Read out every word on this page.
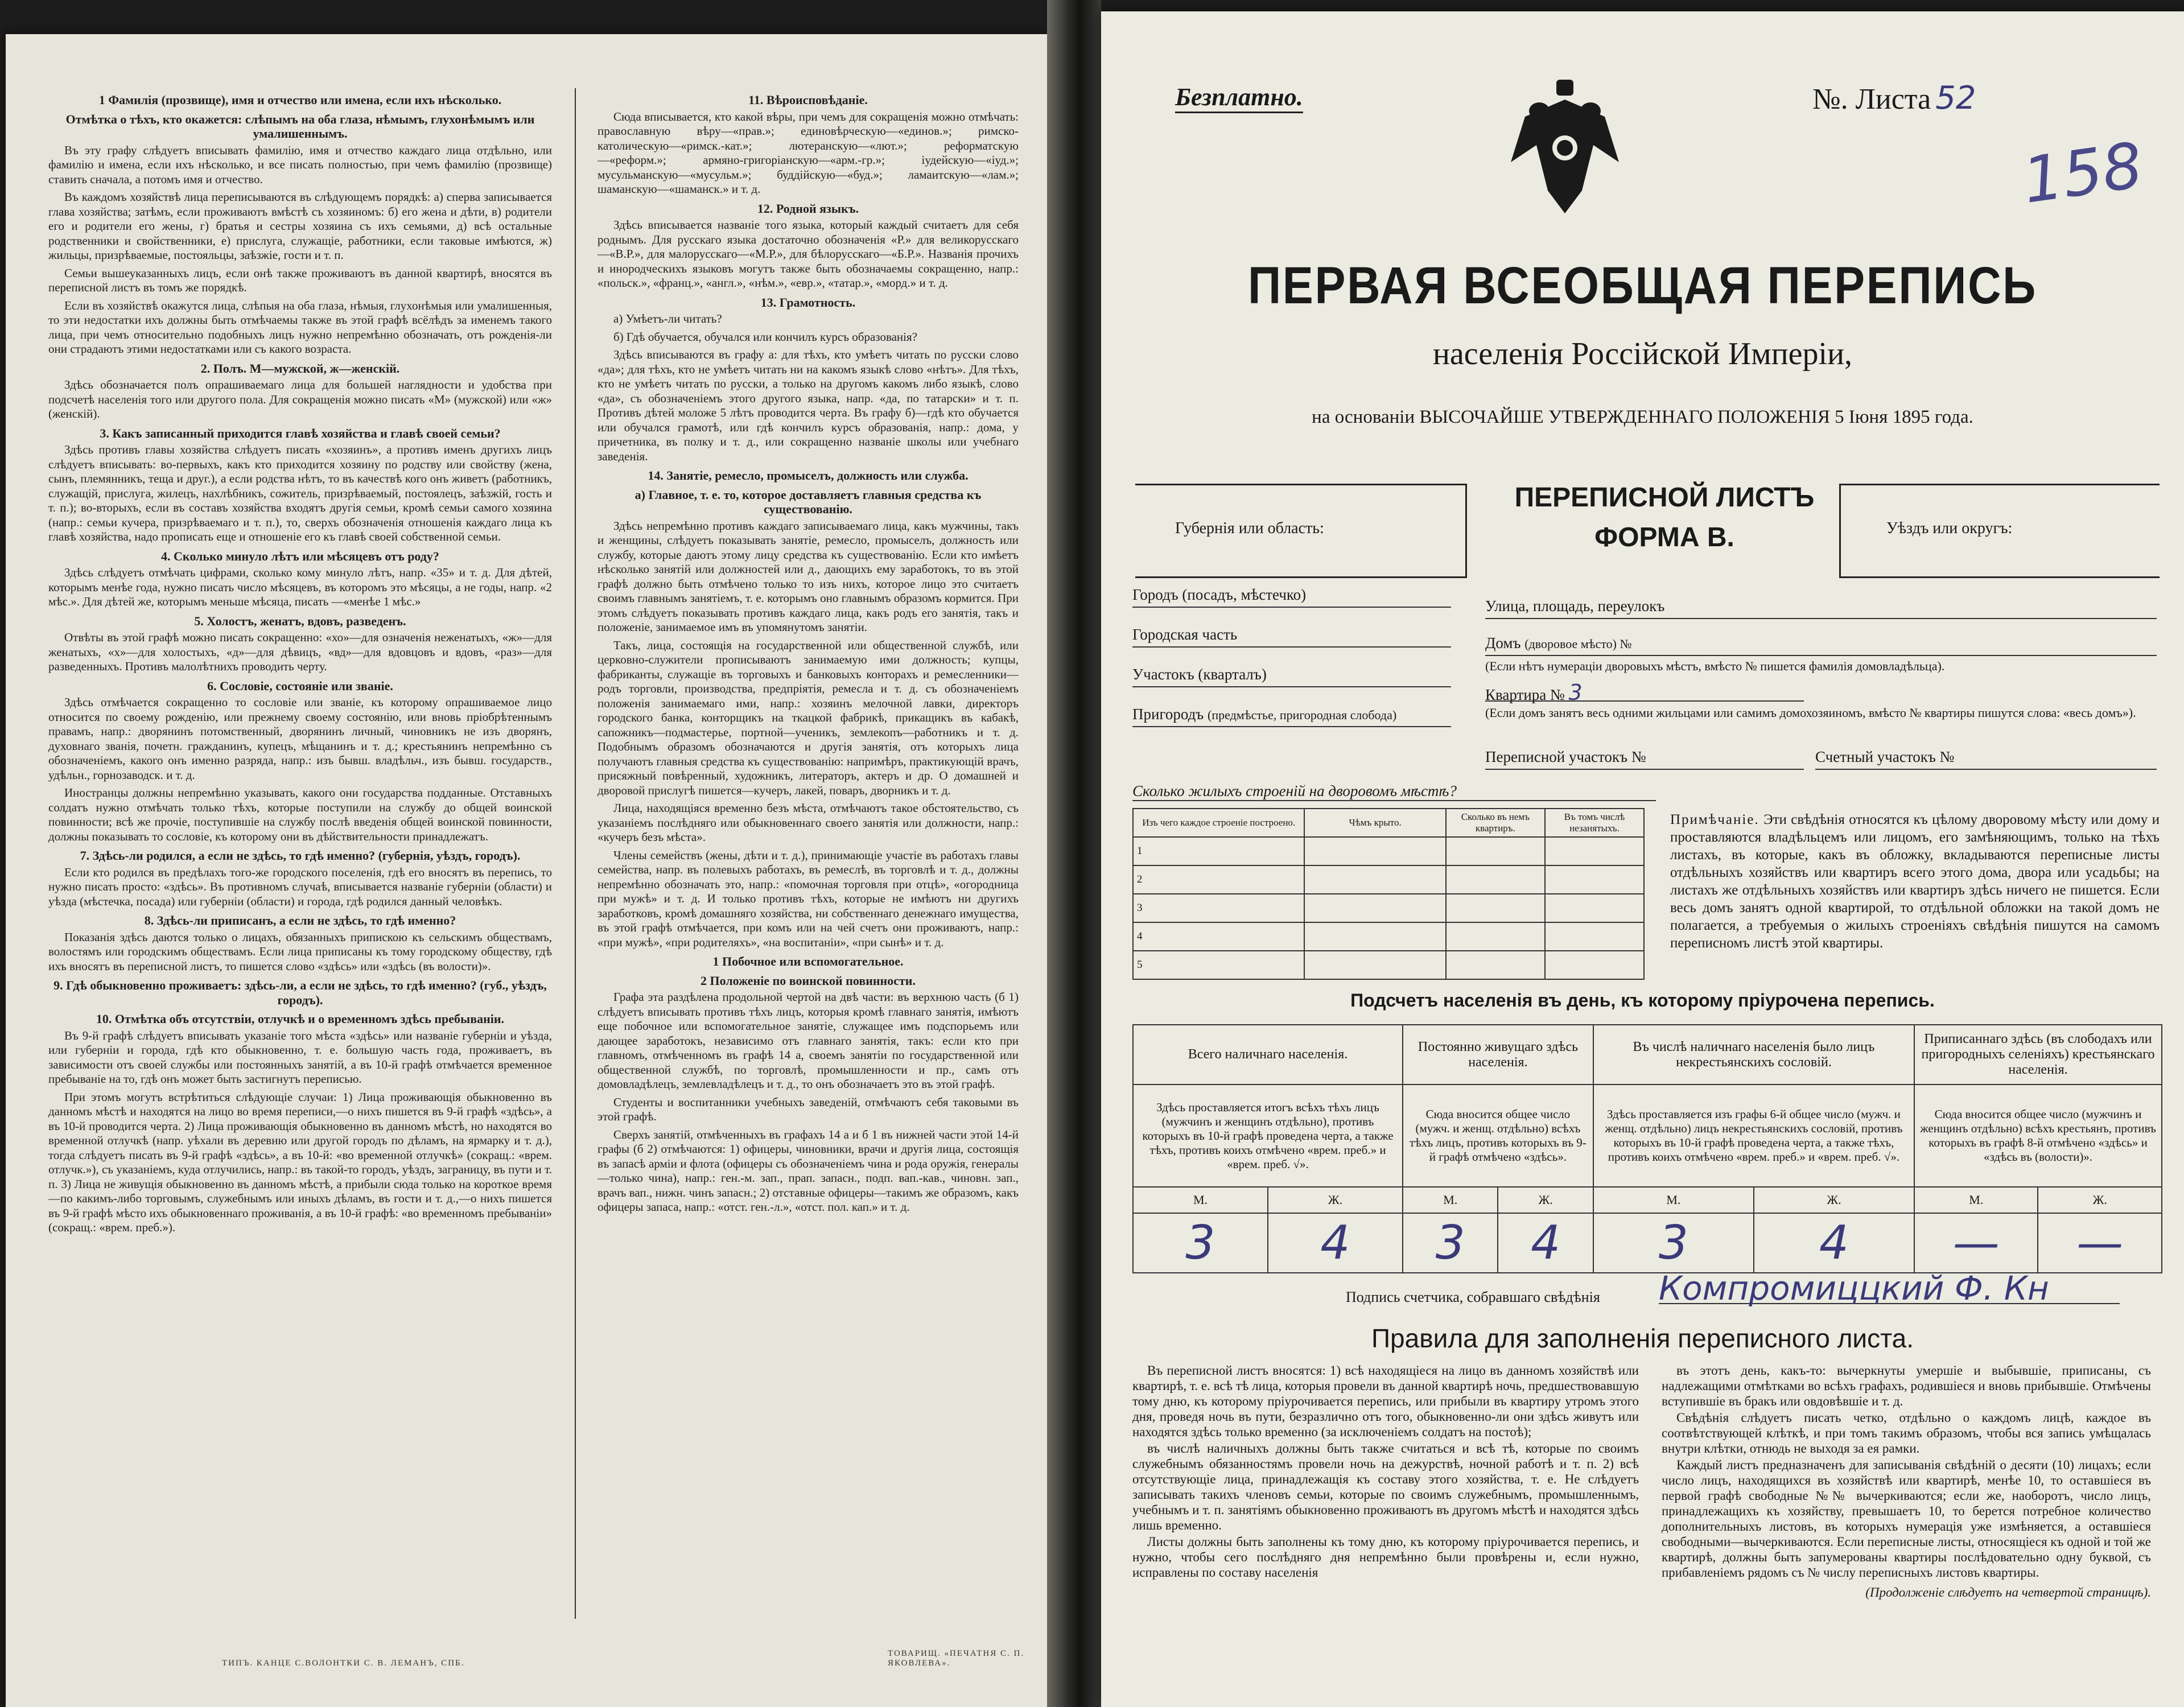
1 Фамилія (прозвище), имя и отчество или имена, если ихъ нѣсколько.
Отмѣтка о тѣхъ, кто окажется: слѣпымъ на оба глаза, нѣмымъ, глухонѣмымъ или умалишеннымъ.

Въ эту графу слѣдуетъ вписывать фамилію, имя и отчество каждаго лица отдѣльно, или фамилію и имена, если ихъ нѣсколько, и все писать полностью, при чемъ фамилію (прозвище) ставить сначала, а потомъ имя и отчество.

Въ каждомъ хозяйствѣ лица переписываются въ слѣдующемъ порядкѣ: а) сперва записывается глава хозяйства; затѣмъ, если проживаютъ вмѣстѣ съ хозяиномъ: б) его жена и дѣти, в) родители его и родители его жены, г) братья и сестры хозяина съ ихъ семьями, д) всѣ остальные родственники и свойственники, е) прислуга, служащіе, работники, если таковые имѣются, ж) жильцы, призрѣваемые, постояльцы, заѣзжіе, гости и т. п.

Семьи вышеуказанныхъ лицъ, если онѣ также проживаютъ въ данной квартирѣ, вносятся въ переписной листъ въ томъ же порядкѣ.

Если въ хозяйствѣ окажутся лица, слѣпыя на оба глаза, нѣмыя, глухонѣмыя или умалишенныя, то эти недостатки ихъ должны быть отмѣчаемы также въ этой графѣ всёлѣдъ за именемъ такого лица, при чемъ относительно подобныхъ лицъ нужно непремѣнно обозначать, отъ рожденія-ли они страдаютъ этими недостатками или съ какого возраста.

2. Полъ. М—мужской, ж—женскій.

Здѣсь обозначается полъ опрашиваемаго лица для большей наглядности и удобства при подсчетѣ населенія того или другого пола. Для сокращенія можно писать «М» (мужской) или «ж» (женскій).

3. Какъ записанный приходится главѣ хозяйства и главѣ своей семьи?

Здѣсь противъ главы хозяйства слѣдуетъ писать «хозяинъ», а противъ именъ другихъ лицъ слѣдуетъ вписывать: во-первыхъ, какъ кто приходится хозяину по родству или свойству (жена, сынъ, племянникъ, теща и друг.), а если родства нѣтъ, то въ качествѣ кого онъ живетъ (работникъ, служащій, прислуга, жилецъ, нахлѣбникъ, сожитель, призрѣваемый, постоялецъ, заѣзжій, гость и т. п.); во-вторыхъ, если въ составъ хозяйства входятъ другія семьи, кромѣ семьи самого хозяина (напр.: семьи кучера, призрѣваемаго и т. п.), то, сверхъ обозначенія отношенія каждаго лица къ главѣ хозяйства, надо прописать еще и отношеніе его къ главѣ своей собственной семьи.

4. Сколько минуло лѣтъ или мѣсяцевъ отъ роду?

Здѣсь слѣдуетъ отмѣчать цифрами, сколько кому минуло лѣтъ, напр. «35» и т. д. Для дѣтей, которымъ менѣе года, нужно писать число мѣсяцевъ, въ которомъ это мѣсяцы, а не годы, напр. «2 мѣс.». Для дѣтей же, которымъ меньше мѣсяца, писать —«менѣе 1 мѣс.»

5. Холостъ, женатъ, вдовъ, разведенъ.

Отвѣты въ этой графѣ можно писать сокращенно: «хо»—для означенія неженатыхъ, «ж»—для женатыхъ, «х»—для холостыхъ, «д»—для дѣвицъ, «вд»—для вдовцовъ и вдовъ, «раз»—для разведенныхъ. Противъ малолѣтнихъ проводить черту.

6. Сословіе, состояніе или званіе.

Здѣсь отмѣчается сокращенно то сословіе или званіе, къ которому опрашиваемое лицо относится по своему рожденію, или прежнему своему состоянію, или вновь пріобрѣтеннымъ правамъ, напр.: дворянинъ потомственный, дворянинъ личный, чиновникъ не изъ дворянъ, духовнаго званія, почетн. гражданинъ, купецъ, мѣщанинъ и т. д.; крестьянинъ непремѣнно съ обозначеніемъ, какого онъ именно разряда, напр.: изъ бывш. владѣльч., изъ бывш. государств., удѣльн., горнозаводск. и т. д.

Иностранцы должны непремѣнно указывать, какого они государства подданные. Отставныхъ солдатъ нужно отмѣчать только тѣхъ, которые поступили на службу до общей воинской повинности; всѣ же прочіе, поступившіе на службу послѣ введенія общей воинской повинности, должны показывать то сословіе, къ которому они въ дѣйствительности принадлежатъ.

7. Здѣсь-ли родился, а если не здѣсь, то гдѣ именно? (губернія, уѣздъ, городъ).

Если кто родился въ предѣлахъ того-же городского поселенія, гдѣ его вносятъ въ перепись, то нужно писать просто: «здѣсь». Въ противномъ случаѣ, вписывается названіе губерніи (области) и уѣзда (мѣстечка, посада) или губерніи (области) и города, гдѣ родился данный человѣкъ.

8. Здѣсь-ли приписанъ, а если не здѣсь, то гдѣ именно?

Показанія здѣсь даются только о лицахъ, обязанныхъ припискою къ сельскимъ обществамъ, волостямъ или городскимъ обществамъ. Если лица приписаны къ тому городскому обществу, гдѣ ихъ вносятъ въ переписной листъ, то пишется слово «здѣсь» или «здѣсь (въ волости)».

9. Гдѣ обыкновенно проживаетъ: здѣсь-ли, а если не здѣсь, то гдѣ именно? (губ., уѣздъ, городъ).
10. Отмѣтка объ отсутствіи, отлучкѣ и о временномъ здѣсь пребываніи.

Въ 9-й графѣ слѣдуетъ вписывать указаніе того мѣста «здѣсь» или названіе губерніи и уѣзда, или губерніи и города, гдѣ кто обыкновенно, т. е. большую часть года, проживаетъ, въ зависимости отъ своей службы или постоянныхъ занятій, а въ 10-й графѣ отмѣчается временное пребываніе на то, гдѣ онъ может быть застигнутъ переписью.

При этомъ могутъ встрѣтиться слѣдующіе случаи: 1) Лица проживающія обыкновенно въ данномъ мѣстѣ и находятся на лицо во время переписи,—о нихъ пишется въ 9-й графѣ «здѣсь», а въ 10-й проводится черта. 2) Лица проживающія обыкновенно въ данномъ мѣстѣ, но находятся во временной отлучкѣ (напр. уѣхали въ деревню или другой городъ по дѣламъ, на ярмарку и т. д.), тогда слѣдуетъ писать въ 9-й графѣ «здѣсь», а въ 10-й: «во временной отлучкѣ» (сокращ.: «врем. отлучк.»), съ указаніемъ, куда отлучились, напр.: въ такой-то городъ, уѣздъ, заграницу, въ пути и т. п. 3) Лица не живущія обыкновенно въ данномъ мѣстѣ, а прибыли сюда только на короткое время—по какимъ-либо торговымъ, служебнымъ или иныхъ дѣламъ, въ гости и т. д.,—о нихъ пишется въ 9-й графѣ мѣсто ихъ обыкновеннаго проживанія, а въ 10-й графѣ: «во временномъ пребываніи» (сокращ.: «врем. преб.»).

11. Вѣроисповѣданіе.

Сюда вписывается, кто какой вѣры, при чемъ для сокращенія можно отмѣчать: православную вѣру—«прав.»; единовѣрческую—«единов.»; римско-католическую—«римск.-кат.»; лютеранскую—«лют.»; реформатскую—«реформ.»; армяно-григоріанскую—«арм.-гр.»; іудейскую—«іуд.»; мусульманскую—«мусульм.»; буддійскую—«буд.»; ламаитскую—«лам.»; шаманскую—«шаманск.» и т. д.

12. Родной языкъ.

Здѣсь вписывается названіе того языка, который каждый считаетъ для себя роднымъ. Для русскаго языка достаточно обозначенія «Р.» для великорусскаго—«В.Р.», для малорусскаго—«М.Р.», для бѣлорусскаго—«Б.Р.». Названія прочихъ и инородческихъ языковъ могутъ также быть обозначаемы сокращенно, напр.: «польск.», «франц.», «англ.», «нѣм.», «евр.», «татар.», «морд.» и т. д.

13. Грамотность.

а) Умѣетъ-ли читать?

б) Гдѣ обучается, обучался или кончилъ курсъ образованія?

Здѣсь вписываются въ графу а: для тѣхъ, кто умѣетъ читать по русски слово «да»; для тѣхъ, кто не умѣетъ читать ни на какомъ языкѣ слово «нѣтъ». Для тѣхъ, кто не умѣетъ читать по русски, а только на другомъ какомъ либо языкѣ, слово «да», съ обозначеніемъ этого другого языка, напр. «да, по татарски» и т. п. Противъ дѣтей моложе 5 лѣтъ проводится черта. Въ графу б)—гдѣ кто обучается или обучался грамотѣ, или гдѣ кончилъ курсъ образованія, напр.: дома, у причетника, въ полку и т. д., или сокращенно названіе школы или учебнаго заведенія.

14. Занятіе, ремесло, промыселъ, должность или служба.
а) Главное, т. е. то, которое доставляетъ главныя средства къ существованію.

Здѣсь непремѣнно противъ каждаго записываемаго лица, какъ мужчины, такъ и женщины, слѣдуетъ показывать занятіе, ремесло, промыселъ, должность или службу, которые даютъ этому лицу средства къ существованію. Если кто имѣетъ нѣсколько занятій или должностей или д., дающихъ ему заработокъ, то въ этой графѣ должно быть отмѣчено только то изъ нихъ, которое лицо это считаетъ своимъ главнымъ занятіемъ, т. е. которымъ оно главнымъ образомъ кормится. При этомъ слѣдуетъ показывать противъ каждаго лица, какъ родъ его занятія, такъ и положеніе, занимаемое имъ въ упомянутомъ занятіи.

Такъ, лица, состоящія на государственной или общественной службѣ, или церковно-служители прописываютъ занимаемую ими должность; купцы, фабриканты, служащіе въ торговыхъ и банковыхъ конторахъ и ремесленники—родъ торговли, производства, предпріятія, ремесла и т. д. съ обозначеніемъ положенія занимаемаго ими, напр.: хозяинъ мелочной лавки, директоръ городского банка, конторщикъ на ткацкой фабрикѣ, прикащикъ въ кабакѣ, сапожникъ—подмастерье, портной—ученикъ, землекопъ—работникъ и т. д. Подобнымъ образомъ обозначаются и другія занятія, отъ которыхъ лица получаютъ главныя средства къ существованію: напримѣръ, практикующій врачъ, присяжный повѣренный, художникъ, литераторъ, актеръ и др. О домашней и дворовой прислугѣ пишется—кучеръ, лакей, поваръ, дворникъ и т. д.

Лица, находящіяся временно безъ мѣста, отмѣчаютъ такое обстоятельство, съ указаніемъ послѣдняго или обыкновеннаго своего занятія или должности, напр.: «кучеръ безъ мѣста».

Члены семействъ (жены, дѣти и т. д.), принимающіе участіе въ работахъ главы семейства, напр. въ полевыхъ работахъ, въ ремеслѣ, въ торговлѣ и т. д., должны непремѣнно обозначать это, напр.: «помочная торговля при отцѣ», «огородница при мужѣ» и т. д. И только противъ тѣхъ, которые не имѣютъ ни другихъ заработковъ, кромѣ домашняго хозяйства, ни собственнаго денежнаго имущества, въ этой графѣ отмѣчается, при комъ или на чей счетъ они проживаютъ, напр.: «при мужѣ», «при родителяхъ», «на воспитаніи», «при сынѣ» и т. д.

1 Побочное или вспомогательное.
2 Положеніе по воинской повинности.

Графа эта раздѣлена продольной чертой на двѣ части: въ верхнюю часть (б 1) слѣдуетъ вписывать противъ тѣхъ лицъ, которыя кромѣ главнаго занятія, имѣютъ еще побочное или вспомогательное занятіе, служащее имъ подспорьемъ или дающее заработокъ, независимо отъ главнаго занятія, такъ: если кто при главномъ, отмѣченномъ въ графѣ 14 а, своемъ занятіи по государственной или общественной службѣ, по торговлѣ, промышленности и пр., самъ отъ домовладѣлецъ, землевладѣлецъ и т. д., то онъ обозначаетъ это въ этой графѣ.

Студенты и воспитанники учебныхъ заведеній, отмѣчаютъ себя таковыми въ этой графѣ.

Сверхъ занятій, отмѣченныхъ въ графахъ 14 а и б 1 въ нижней части этой 14-й графы (б 2) отмѣчаются: 1) офицеры, чиновники, врачи и другія лица, состоящія въ запасѣ арміи и флота (офицеры съ обозначеніемъ чина и рода оружія, генералы—только чина), напр.: ген.-м. зап., прап. запасн., подп. вап.-кав., чиновн. зап., врачъ вап., нижн. чинъ запасн.; 2) отставные офицеры—такимъ же образомъ, какъ офицеры запаса, напр.: «отст. ген.-л.», «отст. пол. кап.» и т. д.

ТИПЪ. КАНЦЕ С.ВОЛОНТКИ С. В. ЛЕМАНЪ, СПБ.
ТОВАРИЩ. «ПЕЧАТНЯ С. П. ЯКОВЛЕВА».
Безплатно.	№. Листа 52
158
ПЕРВАЯ ВСЕОБЩАЯ ПЕРЕПИСЬ
населенія Россійской Имперіи,
на основаніи ВЫСОЧАЙШЕ УТВЕРЖДЕННАГО ПОЛОЖЕНІЯ 5 Іюня 1895 года.
Губернія или область:
ПЕРЕПИСНОЙ ЛИСТЪ
ФОРМА В.	Уѣздъ или округъ:
Городъ (посадъ, мѣстечко)
Городская часть
Участокъ (кварталъ)
Пригородъ (предмѣстье, пригородная слобода)
Улица, площадь, переулокъ
Домъ (дворовое мѣсто) №
(Если нѣтъ нумераціи дворовыхъ мѣстъ, вмѣсто № пишется фамилія домовладѣльца).
Квартира № 3
(Если домъ занятъ весь одними жильцами или самимъ домохозяиномъ, вмѣсто № квартиры пишутся слова: «весь домъ»).
Переписной участокъ №	Счетный участокъ №
Сколько жилыхъ строеній на дворовомъ мѣстѣ?
Изъ чего каждое строеніе построено.	Чѣмъ крыто.	Сколько въ немъ квартиръ.	Въ томъ числѣ незанятыхъ.
1			
2			
3			
4			
5			
Примѣчаніе. Эти свѣдѣнія относятся къ цѣлому дворовому мѣсту или дому и проставляются владѣльцемъ или лицомъ, его замѣняющимъ, только на тѣхъ листахъ, въ которые, какъ въ обложку, вкладываются переписные листы отдѣльныхъ хозяйствъ или квартиръ всего этого дома, двора или усадьбы; на листахъ же отдѣльныхъ хозяйствъ или квартиръ здѣсь ничего не пишется. Если весь домъ занятъ одной квартирой, то отдѣльной обложки на такой домъ не полагается, а требуемыя о жилыхъ строеніяхъ свѣдѣнія пишутся на самомъ переписномъ листѣ этой квартиры.
Подсчетъ населенія въ день, къ которому пріурочена перепись.
Всего наличнаго населенія.		Постоянно живущаго здѣсь населенія.		Въ числѣ наличнаго населенія было лицъ некрестьянскихъ сословій.		Приписаннаго здѣсь (въ слободахъ или пригородныхъ селеніяхъ) крестьянскаго населенія.	
Здѣсь проставляется итогъ всѣхъ тѣхъ лицъ (мужчинъ и женщинъ отдѣльно), противъ которыхъ въ 10-й графѣ проведена черта, а также тѣхъ, противъ коихъ отмѣчено «врем. преб.» и «врем. преб. √».		Сюда вносится общее число (мужч. и женщ. отдѣльно) всѣхъ тѣхъ лицъ, противъ которыхъ въ 9-й графѣ отмѣчено «здѣсь».		Здѣсь проставляется изъ графы 6-й общее число (мужч. и женщ. отдѣльно) лицъ некрестьянскихъ сословій, противъ которыхъ въ 10-й графѣ проведена черта, а также тѣхъ, противъ коихъ отмѣчено «врем. преб.» и «врем. преб. √».		Сюда вносится общее число (мужчинъ и женщинъ отдѣльно) всѣхъ крестьянъ, противъ которыхъ въ графѣ 8-й отмѣчено «здѣсь» и «здѣсь въ (волости)».	
М.	Ж.	М.	Ж.	М.	Ж.	М.	Ж.
3	4	3	4	3	4	—	—
Подпись счетчика, собравшаго свѣдѣнія Компромиццкий Ф. Кн
Правила для заполненія переписного листа.

Въ переписной листъ вносятся: 1) всѣ находящіеся на лицо въ данномъ хозяйствѣ или квартирѣ, т. е. всѣ тѣ лица, которыя провели въ данной квартирѣ ночь, предшествовавшую тому дню, къ которому пріурочивается перепись, или прибыли въ квартиру утромъ этого дня, проведя ночь въ пути, безразлично отъ того, обыкновенно-ли они здѣсь живутъ или находятся здѣсь только временно (за исключеніемъ солдатъ на постоѣ);

въ числѣ наличныхъ должны быть также считаться и всѣ тѣ, которые по своимъ служебнымъ обязанностямъ провели ночь на дежурствѣ, ночной работѣ и т. п. 2) всѣ отсутствующіе лица, принадлежащія къ составу этого хозяйства, т. е. Не слѣдуетъ записывать такихъ членовъ семьи, которые по своимъ служебнымъ, промышленнымъ, учебнымъ и т. п. занятіямъ обыкновенно проживаютъ въ другомъ мѣстѣ и находятся здѣсь лишь временно.

Листы должны быть заполнены къ тому дню, къ которому пріурочивается перепись, и нужно, чтобы сего послѣдняго дня непремѣнно были провѣрены и, если нужно, исправлены по составу населенія

въ этотъ день, какъ-то: вычеркнуты умершіе и выбывшіе, приписаны, съ надлежащими отмѣтками во всѣхъ графахъ, родившіеся и вновь прибывшіе. Отмѣчены вступившіе въ бракъ или овдовѣвшіе и т. д.

Свѣдѣнія слѣдуетъ писать четко, отдѣльно о каждомъ лицѣ, каждое въ соотвѣтствующей клѣткѣ, и при томъ такимъ образомъ, чтобы вся запись умѣщалась внутри клѣтки, отнюдь не выходя за ея рамки.

Каждый листъ предназначенъ для записыванія свѣдѣній о десяти (10) лицахъ; если число лицъ, находящихся въ хозяйствѣ или квартирѣ, менѣе 10, то оставшіеся въ первой графѣ свободные №№ вычеркиваются; если же, наоборотъ, число лицъ, принадлежащихъ къ хозяйству, превышаетъ 10, то берется потребное количество дополнительныхъ листовъ, въ которыхъ нумерація уже измѣняется, а оставшіеся свободными—вычеркиваются. Если переписные листы, относящіеся къ одной и той же квартирѣ, должны быть запумерованы квартиры послѣдовательно одну буквой, съ прибавленіемъ рядомъ съ № числу переписныхъ листовъ квартиры.

(Продолженіе слѣдуетъ на четвертой страницѣ).
